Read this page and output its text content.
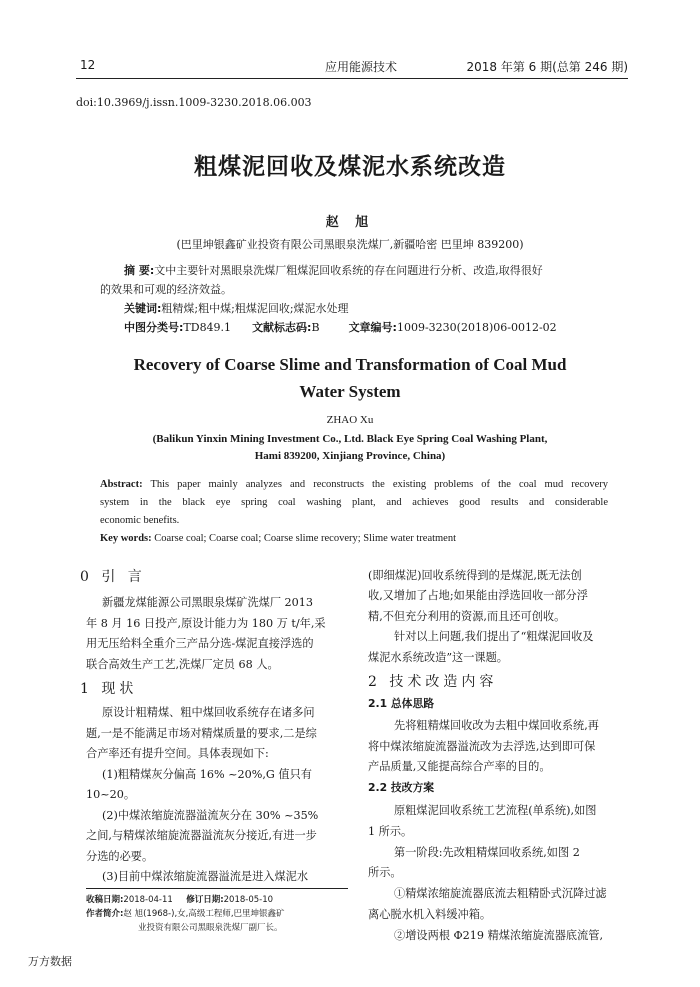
12	应用能源技术	2018 年第 6 期(总第 246 期)
doi:10.3969/j.issn.1009-3230.2018.06.003
粗煤泥回收及煤泥水系统改造
赵 旭
(巴里坤银鑫矿业投资有限公司黑眼泉洗煤厂,新疆哈密 巴里坤 839200)
摘 要:文中主要针对黑眼泉洗煤厂粗煤泥回收系统的存在问题进行分析、改造,取得很好
的效果和可观的经济效益。
关键词:粗精煤;粗中煤;粗煤泥回收;煤泥水处理
中图分类号:TD849.1 文献标志码:B	文章编号:1009-3230(2018)06-0012-02
Recovery of Coarse Slime and Transformation of Coal Mud
Water System
ZHAO Xu
(Balikun Yinxin Mining Investment Co., Ltd. Black Eye Spring Coal Washing Plant,
Hami 839200, Xinjiang Province, China)
Abstract: This paper mainly analyzes and reconstructs the existing problems of the coal mud recovery
system in the black eye spring coal washing plant, and achieves good results and considerable
economic benefits.
Key words: Coarse coal; Coarse coal; Coarse slime recovery; Slime water treatment
0 引 言
新疆龙煤能源公司黑眼泉煤矿洗煤厂 2013
年 8 月 16 日投产,原设计能力为 180 万 t/年,采
用无压给料全重介三产品分选-煤泥直接浮选的
联合高效生产工艺,洗煤厂定员 68 人。
1 现状
原设计粗精煤、粗中煤回收系统存在诸多问
题,一是不能满足市场对精煤质量的要求,二是综
合产率还有提升空间。具体表现如下:
(1)粗精煤灰分偏高 16% ~20%,G 值只有
10~20。
(2)中煤浓缩旋流器溢流灰分在 30% ~35%
之间,与精煤浓缩旋流器溢流灰分接近,有进一步
分选的必要。
(3)目前中煤浓缩旋流器溢流是进入煤泥水
收稿日期:2018-04-11 修订日期:2018-05-10
作者简介:赵 旭(1968-),女,高级工程师,巴里坤银鑫矿
业投资有限公司黑眼泉洗煤厂副厂长。
(即细煤泥)回收系统得到的是煤泥,既无法创
收,又增加了占地;如果能由浮选回收一部分浮
精,不但充分利用的资源,而且还可创收。
针对以上问题,我们提出了“粗煤泥回收及
煤泥水系统改造”这一课题。
2 技术改造内容
2.1 总体思路
先将粗精煤回收改为去粗中煤回收系统,再
将中煤浓缩旋流器溢流改为去浮选,达到即可保
产品质量,又能提高综合产率的目的。
2.2 技改方案
原粗煤泥回收系统工艺流程(单系统),如图
1 所示。
第一阶段:先改粗精煤回收系统,如图 2
所示。
①精煤浓缩旋流器底流去粗精卧式沉降过滤
离心脱水机入料缓冲箱。
②增设两根 Φ219 精煤浓缩旋流器底流管,
万方数据
